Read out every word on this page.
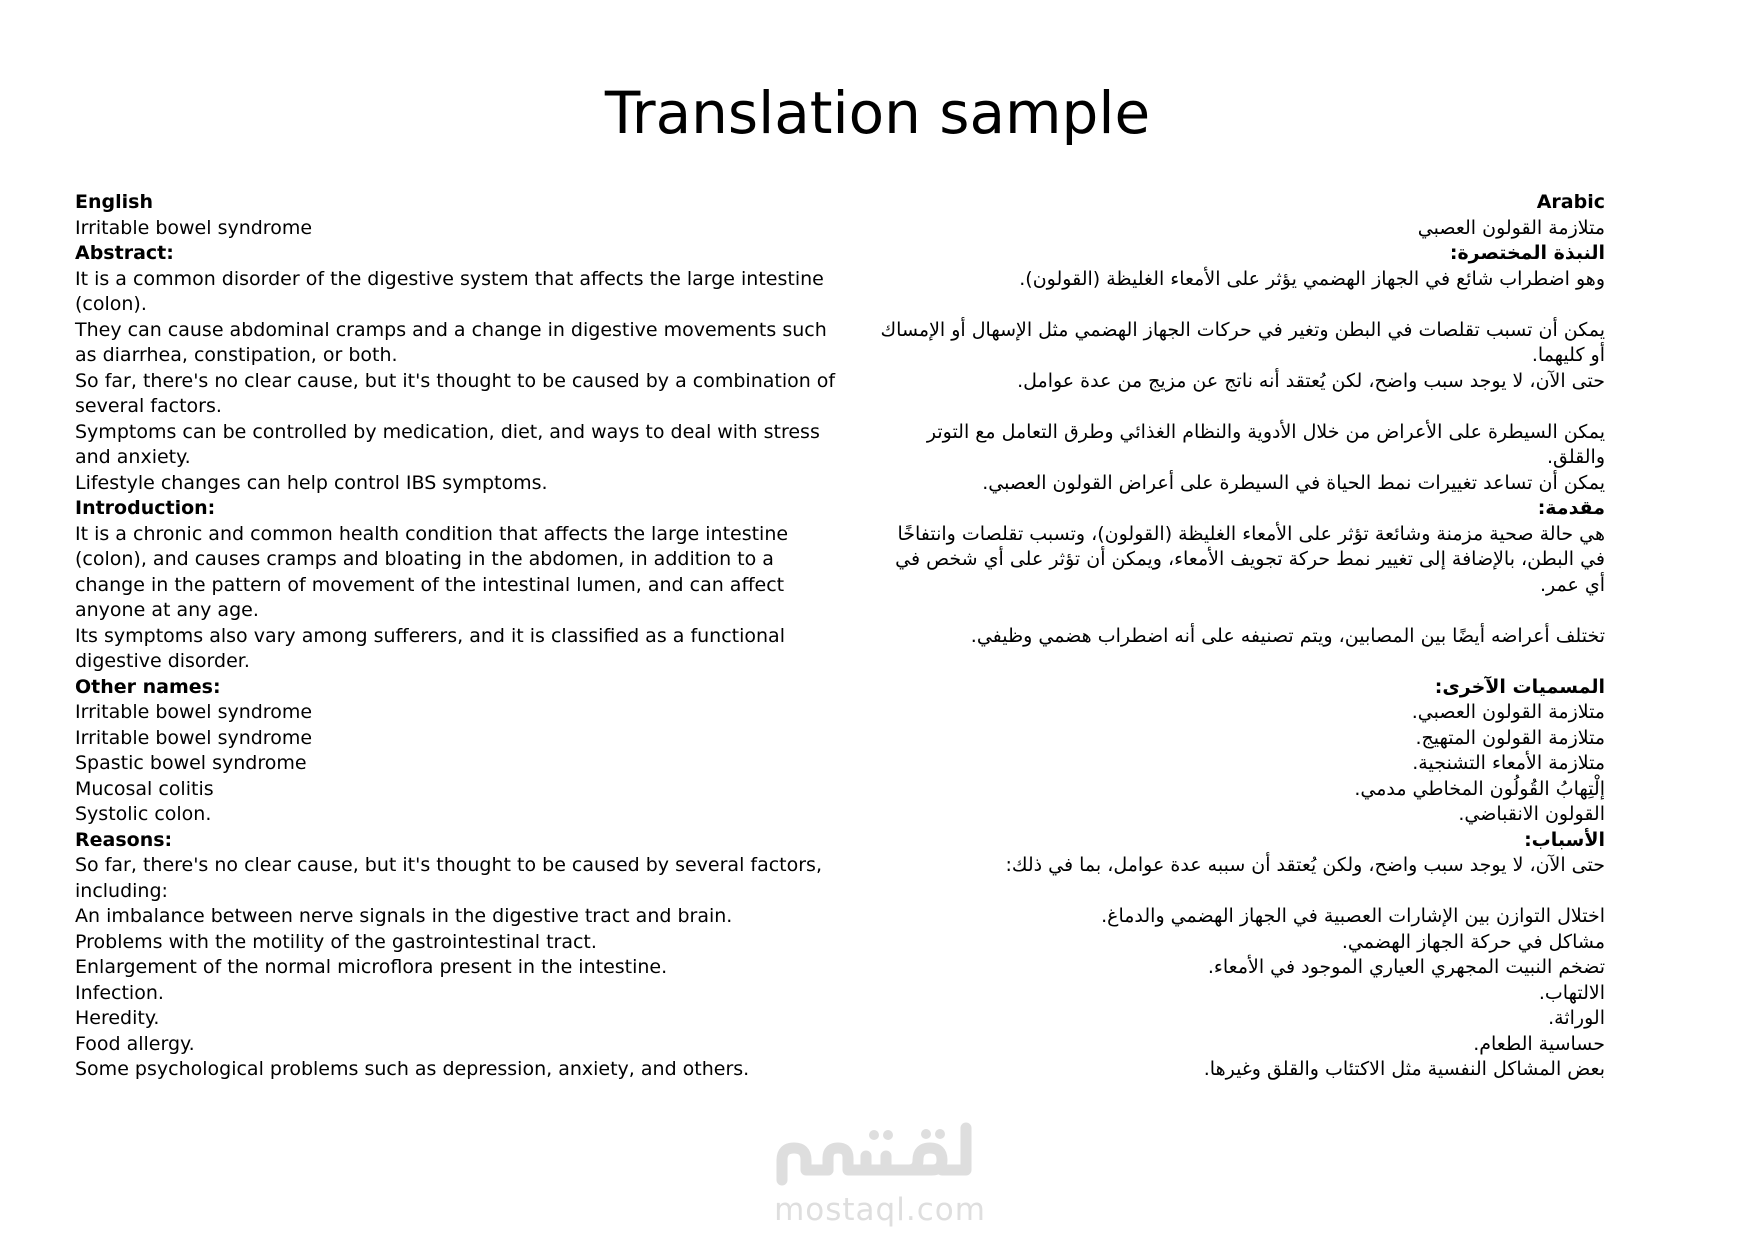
Translation sample
English		Arabic
Irritable bowel syndrome		متلازمة القولون العصبي
Abstract:		النبذة المختصرة:
It is a common disorder of the digestive system that affects the large intestine (colon).		وهو اضطراب شائع في الجهاز الهضمي يؤثر على الأمعاء الغليظة (القولون).
They can cause abdominal cramps and a change in digestive movements such as diarrhea, constipation, or both.		يمكن أن تسبب تقلصات في البطن وتغير في حركات الجهاز الهضمي مثل الإسهال أو الإمساك أو كليهما.
So far, there's no clear cause, but it's thought to be caused by a combination of several factors.		حتى الآن، لا يوجد سبب واضح، لكن يُعتقد أنه ناتج عن مزيج من عدة عوامل.
Symptoms can be controlled by medication, diet, and ways to deal with stress and anxiety.		يمكن السيطرة على الأعراض من خلال الأدوية والنظام الغذائي وطرق التعامل مع التوتر والقلق.
Lifestyle changes can help control IBS symptoms.		يمكن أن تساعد تغييرات نمط الحياة في السيطرة على أعراض القولون العصبي.
Introduction:		مقدمة:
It is a chronic and common health condition that affects the large intestine (colon), and causes cramps and bloating in the abdomen, in addition to a change in the pattern of movement of the intestinal lumen, and can affect anyone at any age.		هي حالة صحية مزمنة وشائعة تؤثر على الأمعاء الغليظة (القولون)، وتسبب تقلصات وانتفاخًا في البطن، بالإضافة إلى تغيير نمط حركة تجويف الأمعاء، ويمكن أن تؤثر على أي شخص في أي عمر.
Its symptoms also vary among sufferers, and it is classified as a functional digestive disorder.		تختلف أعراضه أيضًا بين المصابين، ويتم تصنيفه على أنه اضطراب هضمي وظيفي.
Other names:		المسميات الآخرى:
Irritable bowel syndrome		متلازمة القولون العصبي.
Irritable bowel syndrome		متلازمة القولون المتهيج.
Spastic bowel syndrome		متلازمة الأمعاء التشنجية.
Mucosal colitis		إلْتِهابُ القُولُون المخاطي مدمي.
Systolic colon.		القولون الانقباضي.
Reasons:		الأسباب:
So far, there's no clear cause, but it's thought to be caused by several factors, including:		حتى الآن، لا يوجد سبب واضح، ولكن يُعتقد أن سببه عدة عوامل، بما في ذلك:
An imbalance between nerve signals in the digestive tract and brain.		اختلال التوازن بين الإشارات العصبية في الجهاز الهضمي والدماغ.
Problems with the motility of the gastrointestinal tract.		مشاكل في حركة الجهاز الهضمي.
Enlargement of the normal microflora present in the intestine.		تضخم النبيت المجهري العياري الموجود في الأمعاء.
Infection.		الالتهاب.
Heredity.		الوراثة.
Food allergy.		حساسية الطعام.
Some psychological problems such as depression, anxiety, and others.		بعض المشاكل النفسية مثل الاكتئاب والقلق وغيرها.
mostaql.com
